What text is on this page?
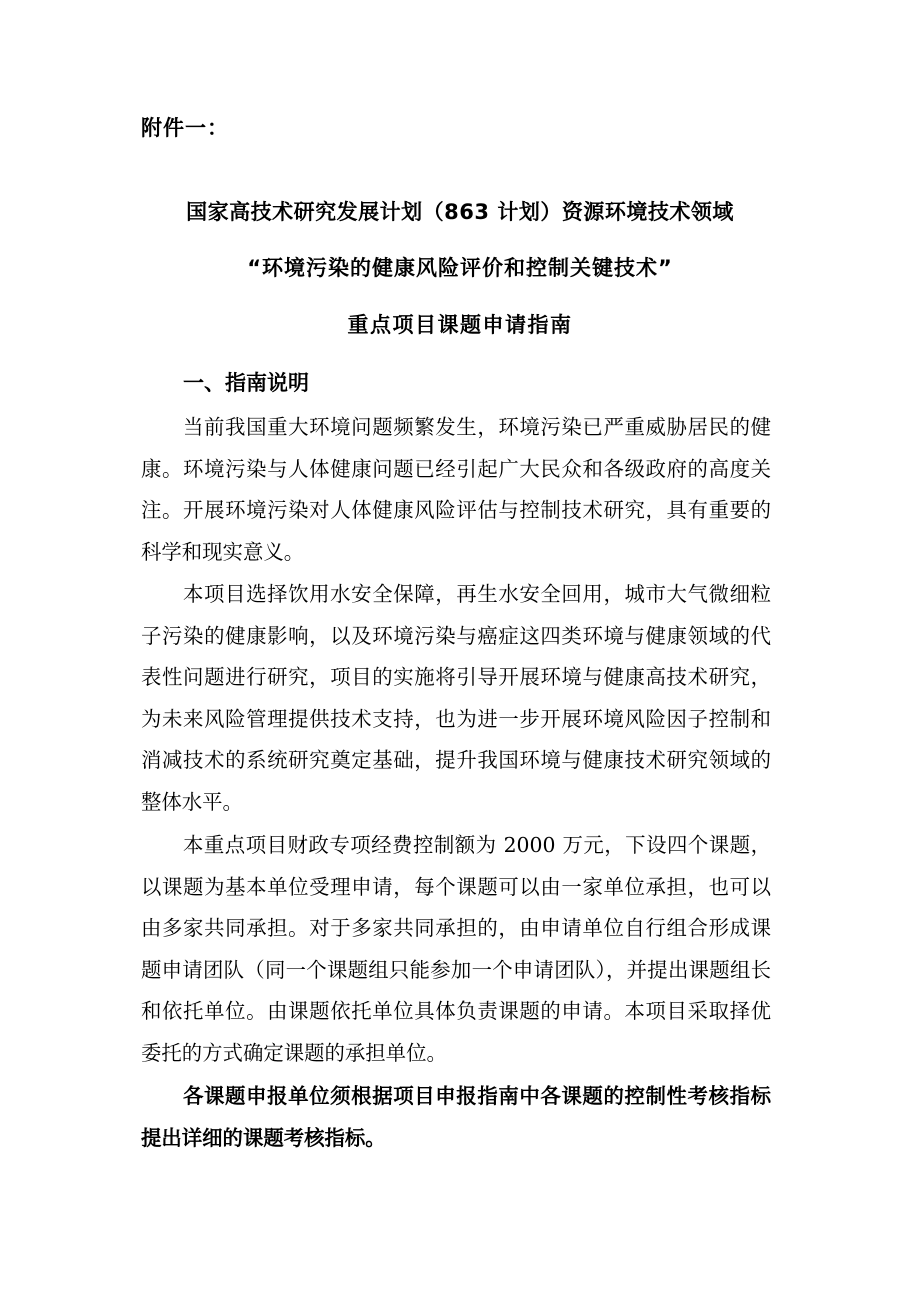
附件一：

国家高技术研究发展计划（863 计划）资源环境技术领域
“环境污染的健康风险评价和控制关键技术”
重点项目课题申请指南
一、指南说明

当前我国重大环境问题频繁发生，环境污染已严重威胁居民的健康。环境污染与人体健康问题已经引起广大民众和各级政府的高度关注。开展环境污染对人体健康风险评估与控制技术研究，具有重要的科学和现实意义。

本项目选择饮用水安全保障，再生水安全回用，城市大气微细粒子污染的健康影响，以及环境污染与癌症这四类环境与健康领域的代表性问题进行研究，项目的实施将引导开展环境与健康高技术研究，为未来风险管理提供技术支持，也为进一步开展环境风险因子控制和消减技术的系统研究奠定基础，提升我国环境与健康技术研究领域的整体水平。

本重点项目财政专项经费控制额为 2000 万元，下设四个课题，以课题为基本单位受理申请，每个课题可以由一家单位承担，也可以由多家共同承担。对于多家共同承担的，由申请单位自行组合形成课题申请团队（同一个课题组只能参加一个申请团队），并提出课题组长和依托单位。由课题依托单位具体负责课题的申请。本项目采取择优委托的方式确定课题的承担单位。

各课题申报单位须根据项目申报指南中各课题的控制性考核指标提出详细的课题考核指标。
